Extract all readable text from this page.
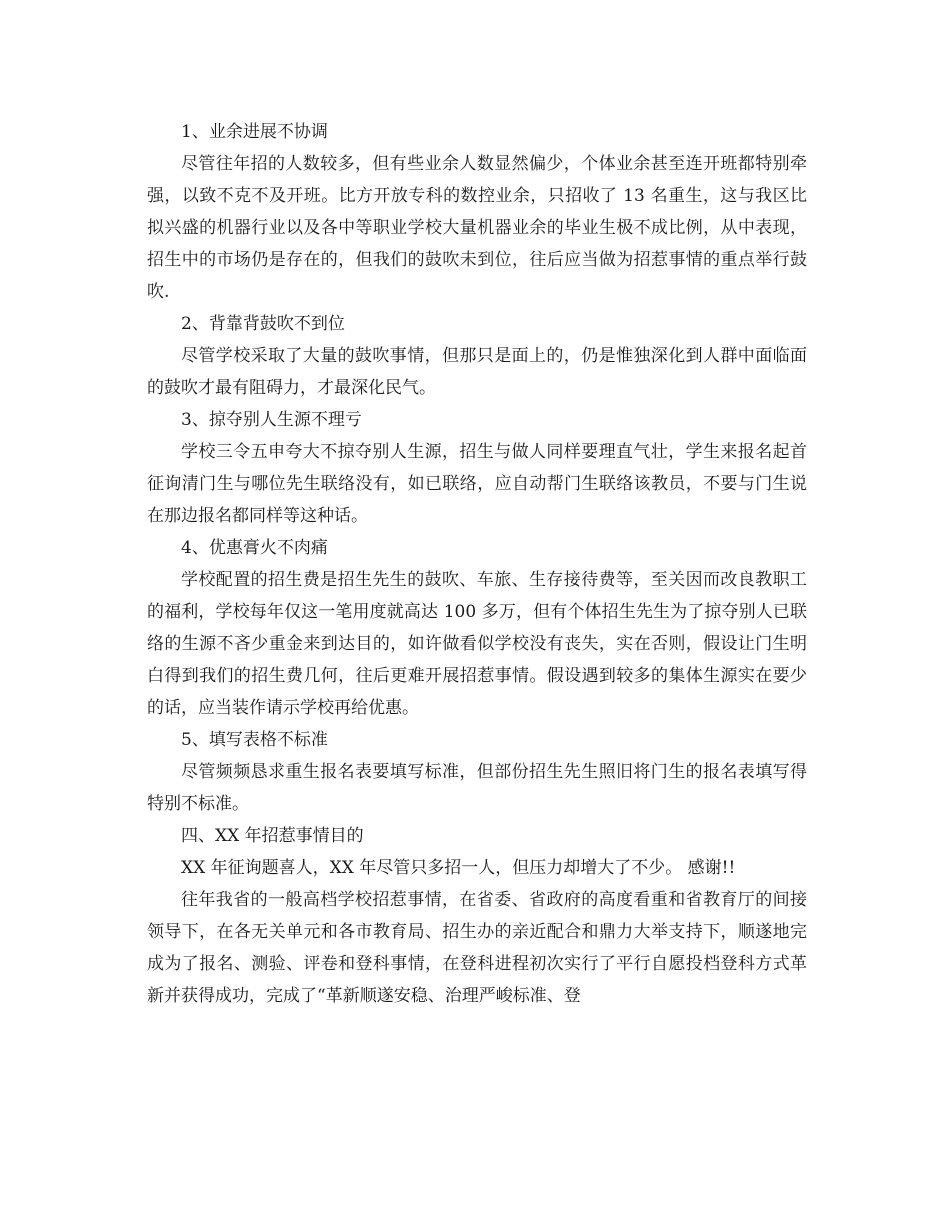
1、业余进展不协调

尽管往年招的人数较多，但有些业余人数显然偏少，个体业余甚至连开班都特别牵强，以致不克不及开班。比方开放专科的数控业余，只招收了 13 名重生，这与我区比拟兴盛的机器行业以及各中等职业学校大量机器业余的毕业生极不成比例，从中表现，招生中的市场仍是存在的，但我们的鼓吹未到位，往后应当做为招惹事情的重点举行鼓吹.

2、背靠背鼓吹不到位

尽管学校采取了大量的鼓吹事情，但那只是面上的，仍是惟独深化到人群中面临面的鼓吹才最有阻碍力，才最深化民气。

3、掠夺别人生源不理亏

学校三令五申夸大不掠夺别人生源，招生与做人同样要理直气壮，学生来报名起首征询清门生与哪位先生联络没有，如已联络，应自动帮门生联络该教员，不要与门生说在那边报名都同样等这种话。

4、优惠膏火不肉痛

学校配置的招生费是招生先生的鼓吹、车旅、生存接待费等，至关因而改良教职工的福利，学校每年仅这一笔用度就高达 100 多万，但有个体招生先生为了掠夺别人已联络的生源不吝少重金来到达目的，如许做看似学校没有丧失，实在否则，假设让门生明白得到我们的招生费几何，往后更难开展招惹事情。假设遇到较多的集体生源实在要少的话，应当装作请示学校再给优惠。

5、填写表格不标准

尽管频频恳求重生报名表要填写标准，但部份招生先生照旧将门生的报名表填写得特别不标准。

四、XX 年招惹事情目的

XX 年征询题喜人，XX 年尽管只多招一人，但压力却增大了不少。 感谢!!

往年我省的一般高档学校招惹事情，在省委、省政府的高度看重和省教育厅的间接领导下，在各无关单元和各市教育局、招生办的亲近配合和鼎力大举支持下，顺遂地完成为了报名、测验、评卷和登科事情，在登科进程初次实行了平行自愿投档登科方式革新并获得成功，完成了“革新顺遂安稳、治理严峻标准、登
